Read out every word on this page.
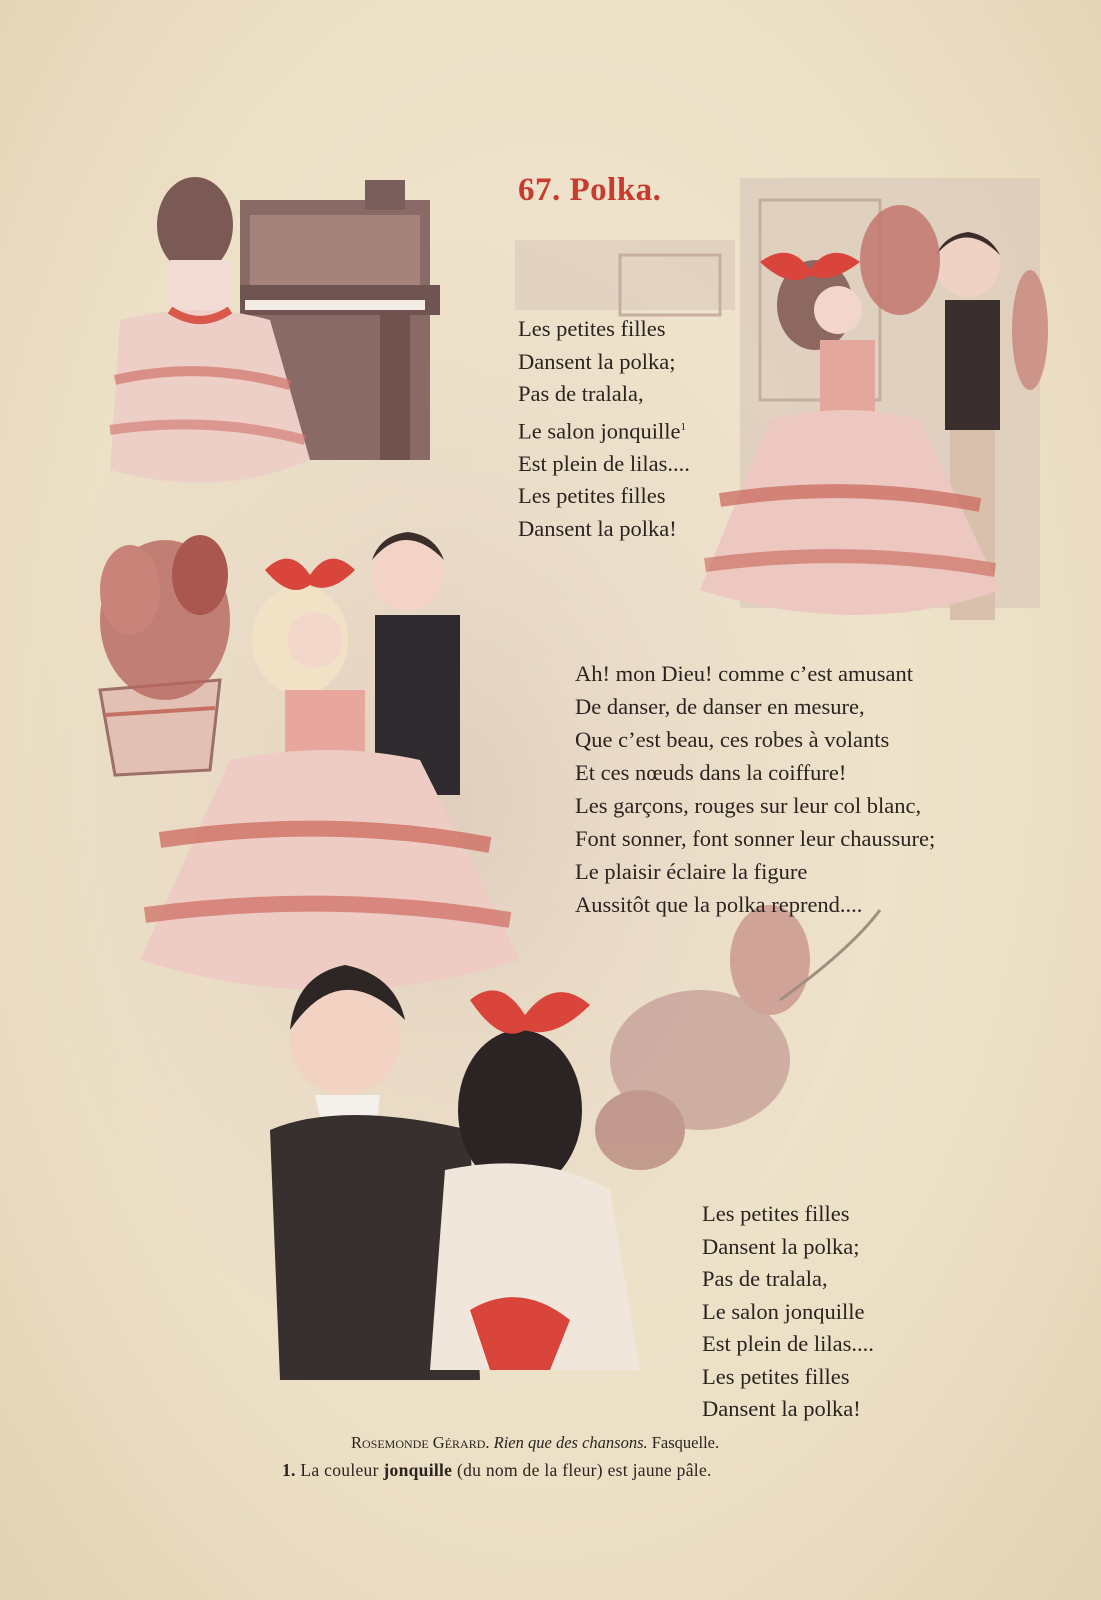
67. Polka.
Les petites filles
Dansent la polka;
Pas de tralala,
Le salon jonquille$^1$
Est plein de lilas....
Les petites filles
Dansent la polka!
Ah! mon Dieu! comme c’est amusant
De danser, de danser en mesure,
Que c’est beau, ces robes à volants
Et ces nœuds dans la coiffure!
Les garçons, rouges sur leur col blanc,
Font sonner, font sonner leur chaussure;
Le plaisir éclaire la figure
Aussitôt que la polka reprend....
Les petites filles
Dansent la polka;
Pas de tralala,
Le salon jonquille
Est plein de lilas....
Les petites filles
Dansent la polka!
Rosemonde Gérard. Rien que des chansons. Fasquelle.
1. La couleur jonquille (du nom de la fleur) est jaune pâle.
